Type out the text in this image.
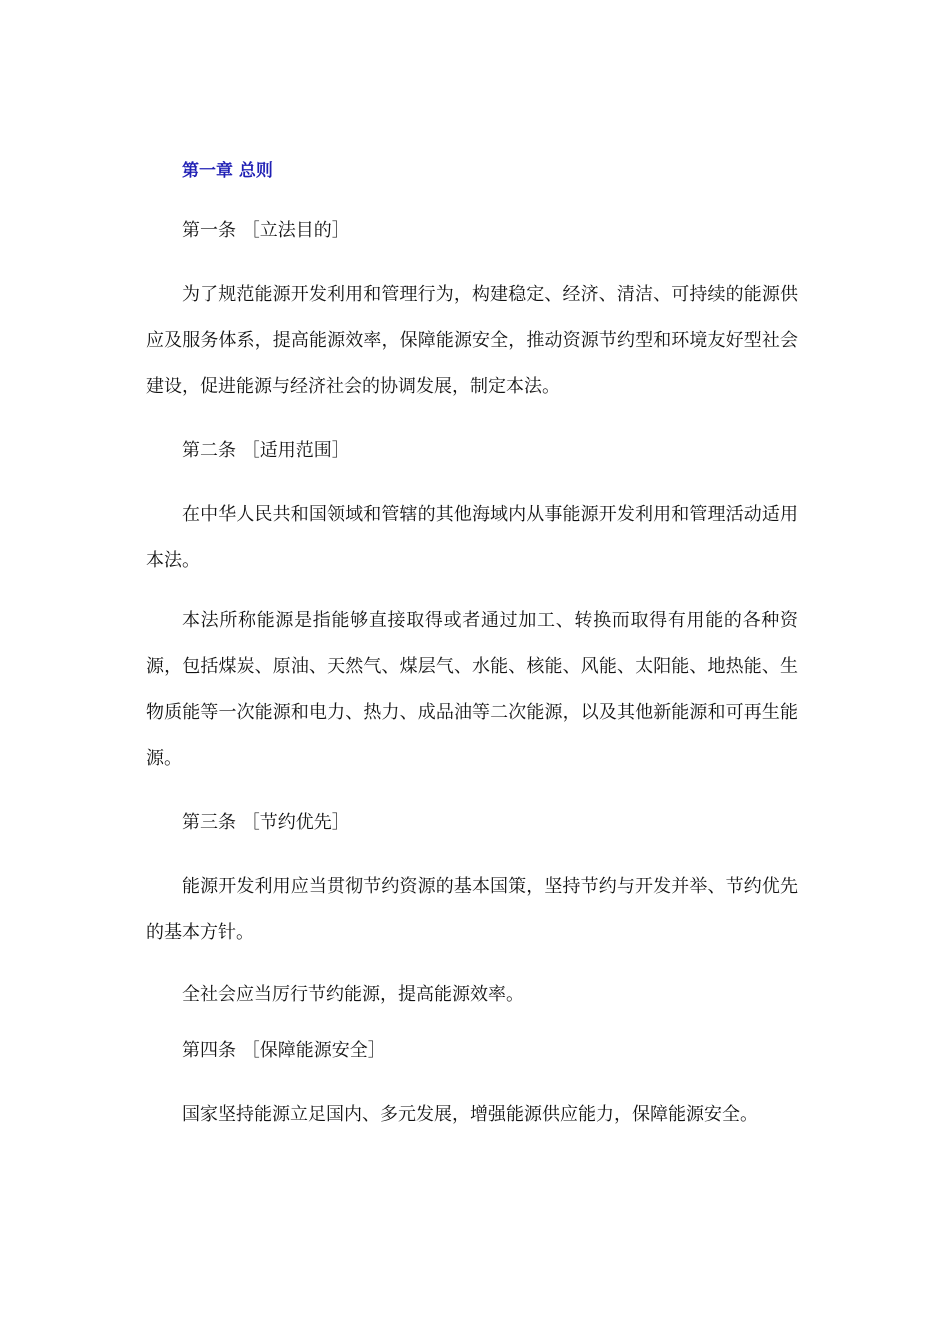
第一章 总则

第一条 ［立法目的］

为了规范能源开发利用和管理行为，构建稳定、经济、清洁、可持续的能源供应及服务体系，提高能源效率，保障能源安全，推动资源节约型和环境友好型社会建设，促进能源与经济社会的协调发展，制定本法。

第二条 ［适用范围］

在中华人民共和国领域和管辖的其他海域内从事能源开发利用和管理活动适用本法。

本法所称能源是指能够直接取得或者通过加工、转换而取得有用能的各种资源，包括煤炭、原油、天然气、煤层气、水能、核能、风能、太阳能、地热能、生物质能等一次能源和电力、热力、成品油等二次能源，以及其他新能源和可再生能源。

第三条 ［节约优先］

能源开发利用应当贯彻节约资源的基本国策，坚持节约与开发并举、节约优先的基本方针。

全社会应当厉行节约能源，提高能源效率。

第四条 ［保障能源安全］

国家坚持能源立足国内、多元发展，增强能源供应能力，保障能源安全。
